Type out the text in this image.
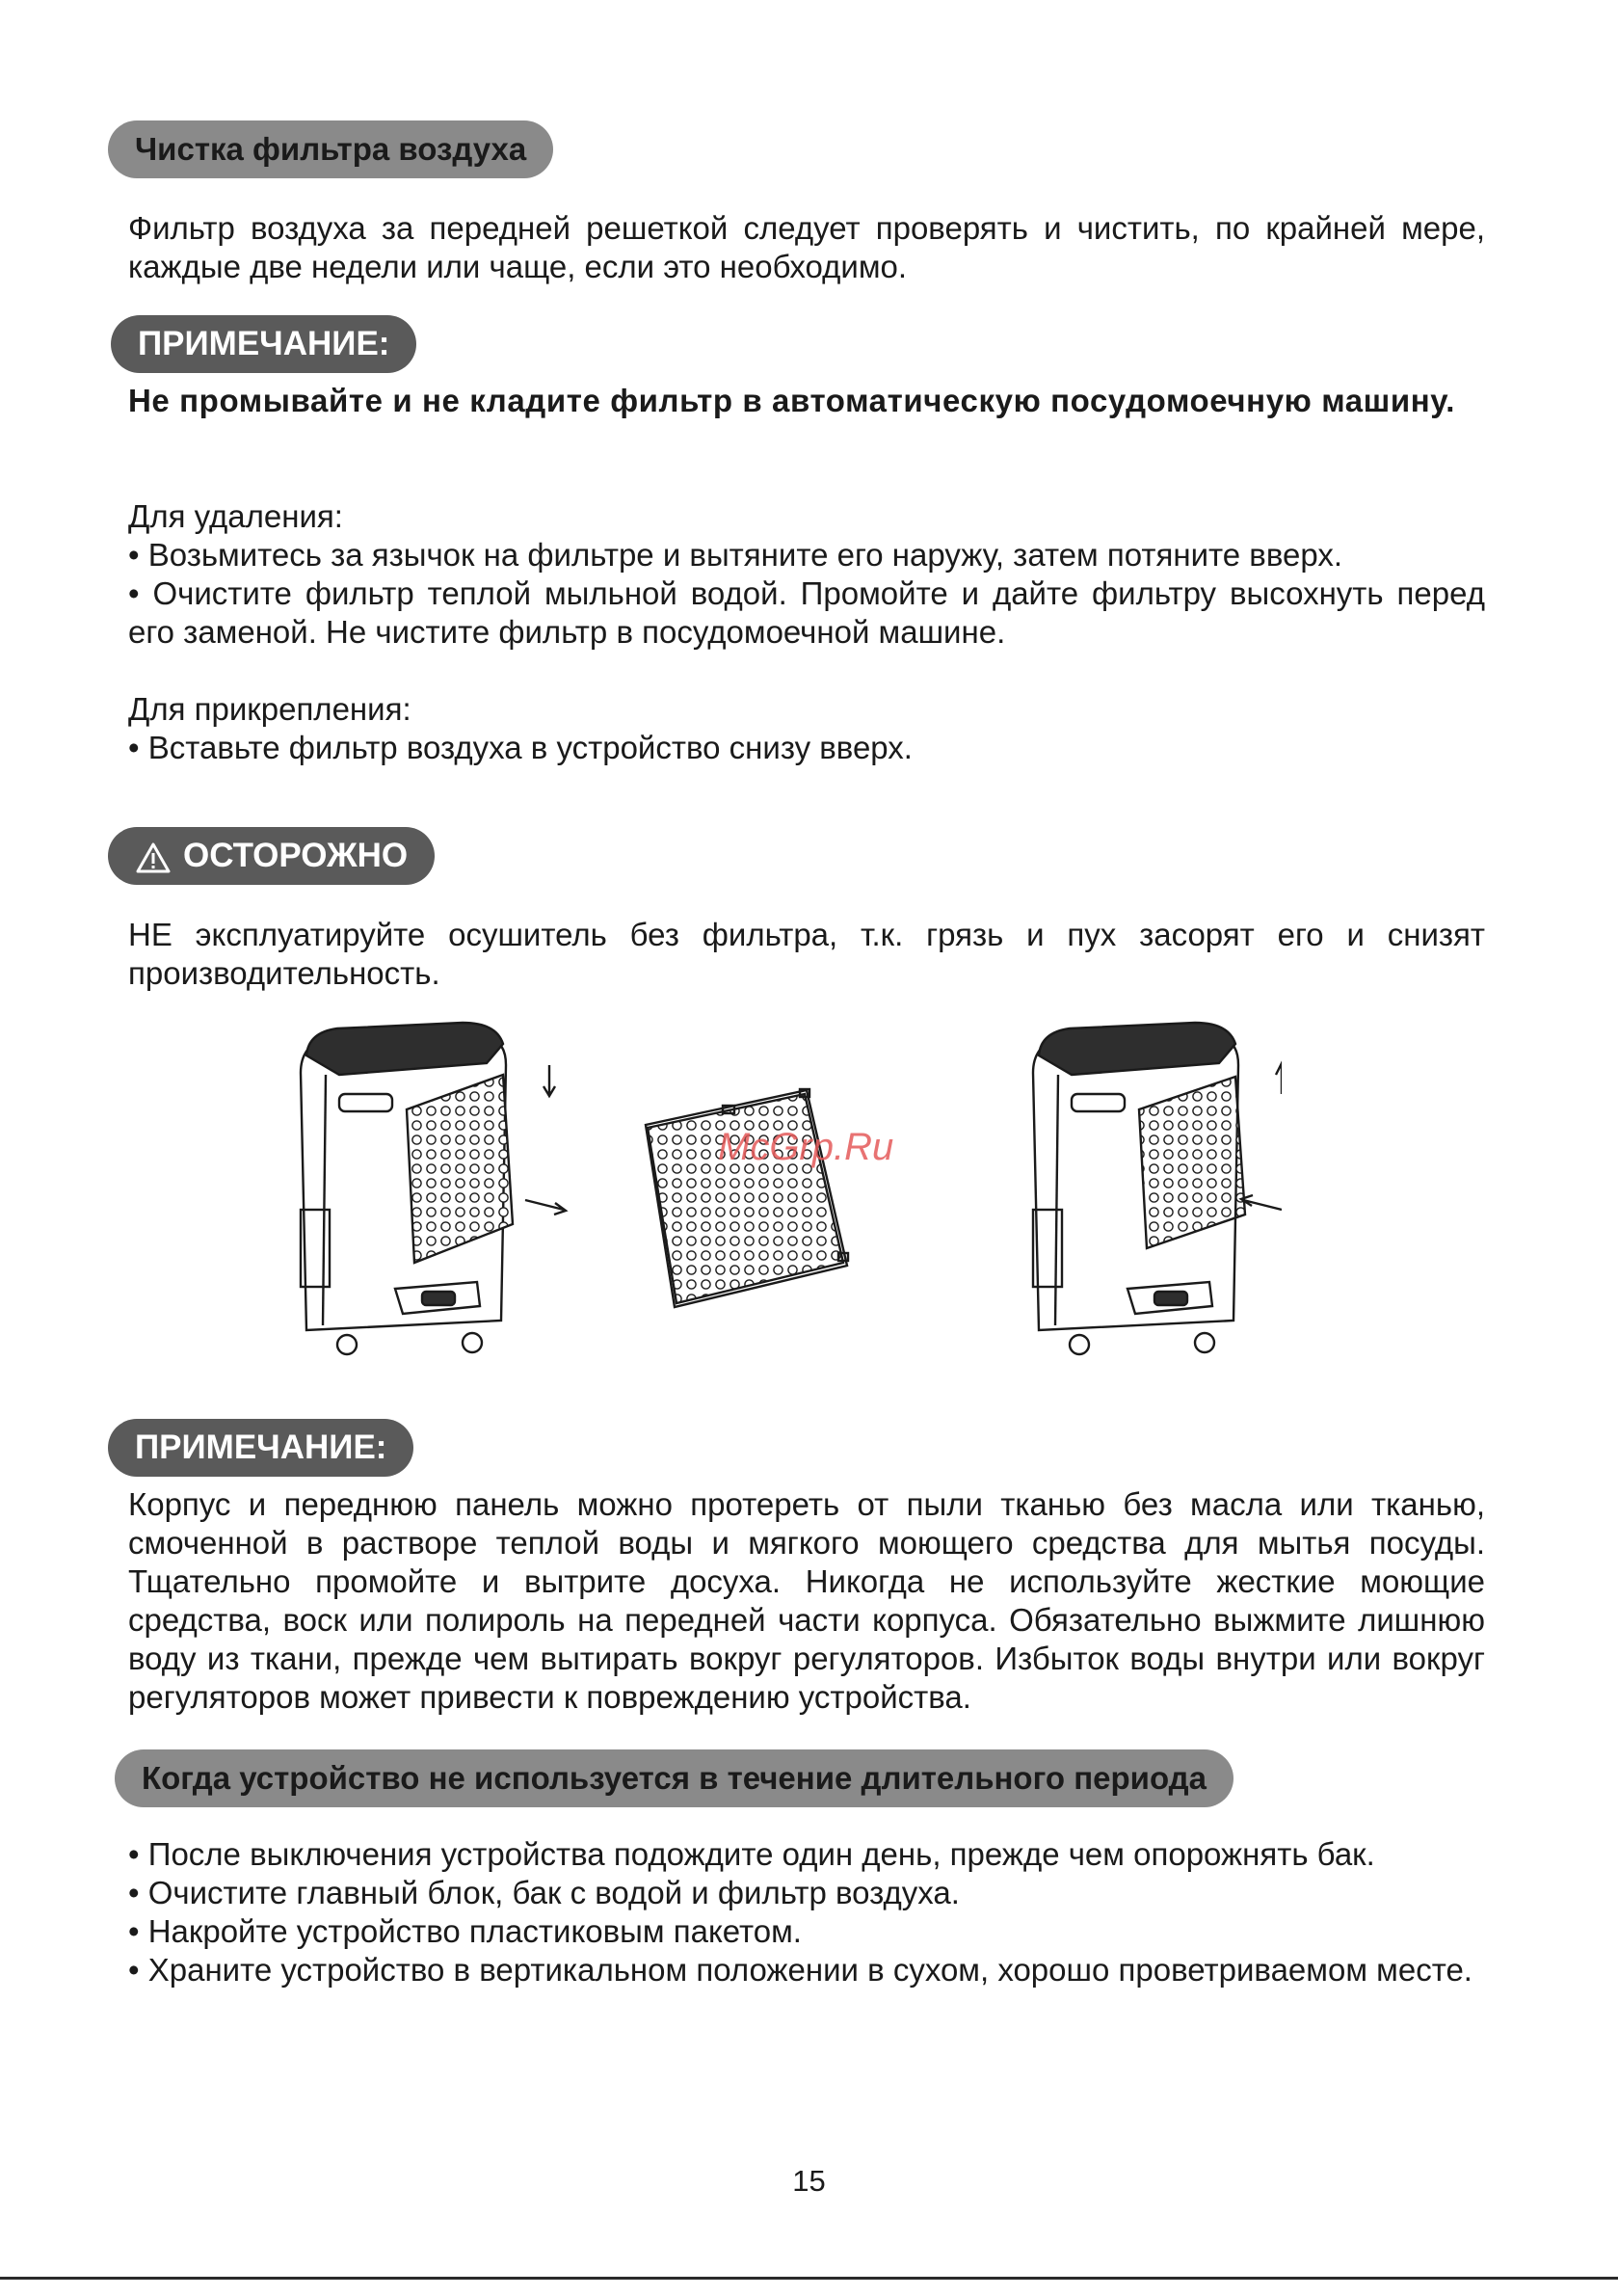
Чистка фильтра воздуха

Фильтр воздуха за передней решеткой следует проверять и чистить, по крайней мере, каждые две недели или чаще, если это необходимо.

ПРИМЕЧАНИЕ:

Не промывайте и не кладите фильтр в автоматическую посудомоечную машину.

Для удаления:

• Возьмитесь за язычок на фильтре и вытяните его наружу, затем потяните вверх.

• Очистите фильтр теплой мыльной водой. Промойте и дайте фильтру высохнуть перед его заменой. Не чистите фильтр в посудомоечной машине.

Для прикрепления:

• Вставьте фильтр воздуха в устройство снизу вверх.

ОСТОРОЖНО

НЕ эксплуатируйте осушитель без фильтра, т.к. грязь и пух засорят его и снизят производительность.

McGrp.Ru
ПРИМЕЧАНИЕ:

Корпус и переднюю панель можно протереть от пыли тканью без масла или тканью, смоченной в растворе теплой воды и мягкого моющего средства для мытья посуды. Тщательно промойте и вытрите досуха. Никогда не используйте жесткие моющие средства, воск или полироль на передней части корпуса. Обязательно выжмите лишнюю воду из ткани, прежде чем вытирать вокруг регуляторов. Избыток воды внутри или вокруг регуляторов может привести к повреждению устройства.

Когда устройство не используется в течение длительного периода

• После выключения устройства подождите один день, прежде чем опорожнять бак.

• Очистите главный блок, бак с водой и фильтр воздуха.

• Накройте устройство пластиковым пакетом.

• Храните устройство в вертикальном положении в сухом, хорошо проветриваемом месте.

15
